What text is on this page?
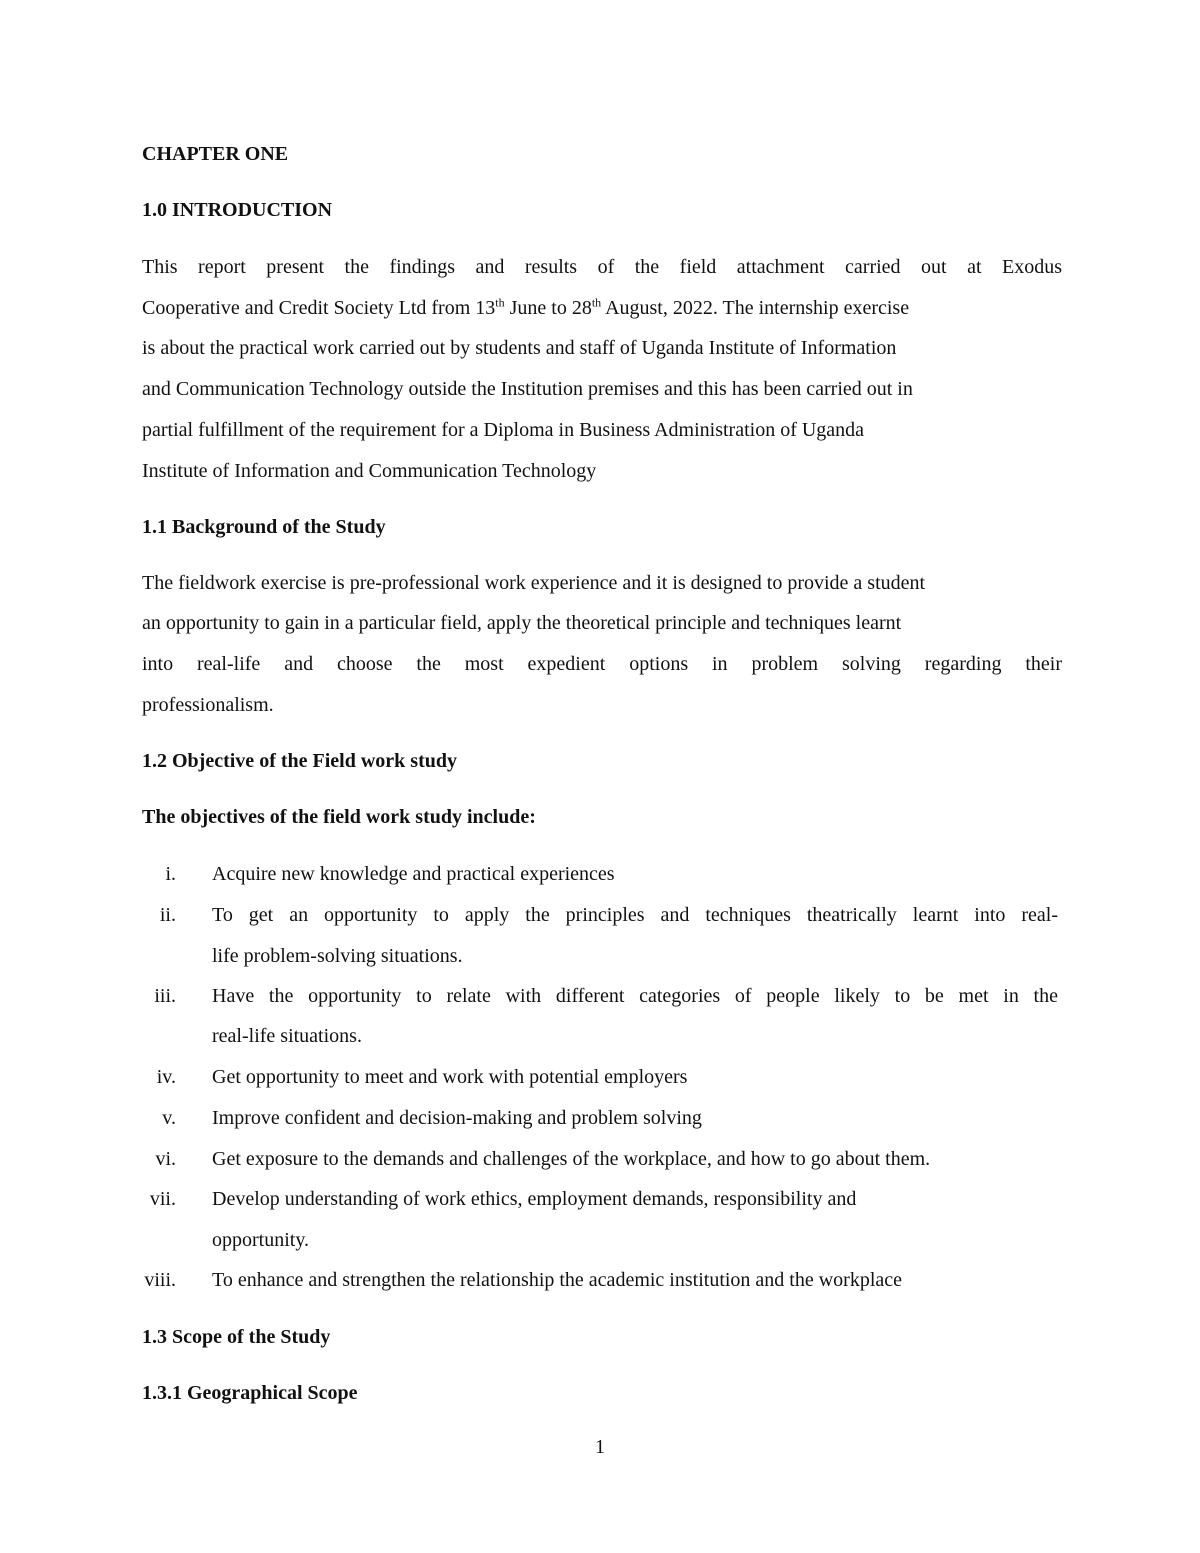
CHAPTER ONE

1.0 INTRODUCTION

This report present the findings and results of the field attachment carried out at Exodus

Cooperative and Credit Society Ltd from 13th June to 28th August, 2022. The internship exercise

is about the practical work carried out by students and staff of Uganda Institute of Information

and Communication Technology outside the Institution premises and this has been carried out in

partial fulfillment of the requirement for a Diploma in Business Administration of Uganda

Institute of Information and Communication Technology

1.1 Background of the Study

The fieldwork exercise is pre-professional work experience and it is designed to provide a student

an opportunity to gain in a particular field, apply the theoretical principle and techniques learnt

into real-life and choose the most expedient options in problem solving regarding their

professionalism.

1.2 Objective of the Field work study

The objectives of the field work study include:

i. Acquire new knowledge and practical experiences

ii. To get an opportunity to apply the principles and techniques theatrically learnt into real-

life problem-solving situations.

iii. Have the opportunity to relate with different categories of people likely to be met in the

real-life situations.

iv. Get opportunity to meet and work with potential employers

v. Improve confident and decision-making and problem solving

vi. Get exposure to the demands and challenges of the workplace, and how to go about them.

vii. Develop understanding of work ethics, employment demands, responsibility and

opportunity.

viii. To enhance and strengthen the relationship the academic institution and the workplace

1.3 Scope of the Study

1.3.1 Geographical Scope

1
